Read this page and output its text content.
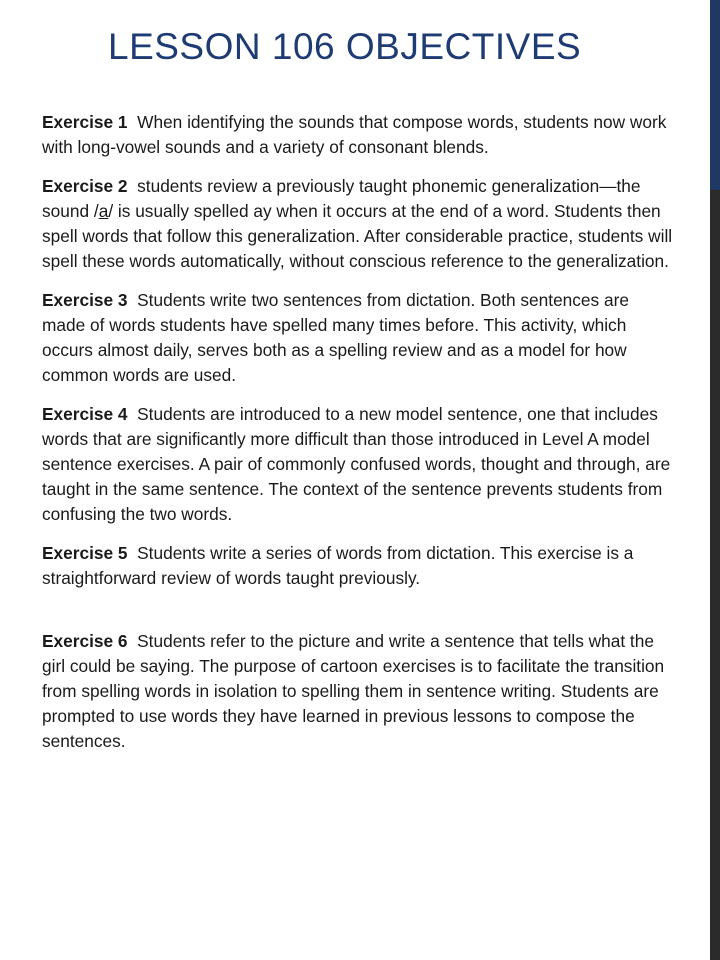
LESSON 106 OBJECTIVES

Exercise 1 When identifying the sounds that compose words, students now work with long-vowel sounds and a variety of consonant blends.

Exercise 2 students review a previously taught phonemic generalization—the sound /a/ is usually spelled ay when it occurs at the end of a word. Students then spell words that follow this generalization. After considerable practice, students will spell these words automatically, without conscious reference to the generalization.

Exercise 3 Students write two sentences from dictation. Both sentences are made of words students have spelled many times before. This activity, which occurs almost daily, serves both as a spelling review and as a model for how common words are used.

Exercise 4 Students are introduced to a new model sentence, one that includes words that are significantly more difficult than those introduced in Level A model sentence exercises. A pair of commonly confused words, thought and through, are taught in the same sentence. The context of the sentence prevents students from confusing the two words.

Exercise 5 Students write a series of words from dictation. This exercise is a straightforward review of words taught previously.

Exercise 6 Students refer to the picture and write a sentence that tells what the girl could be saying. The purpose of cartoon exercises is to facilitate the transition from spelling words in isolation to spelling them in sentence writing. Students are prompted to use words they have learned in previous lessons to compose the sentences.
